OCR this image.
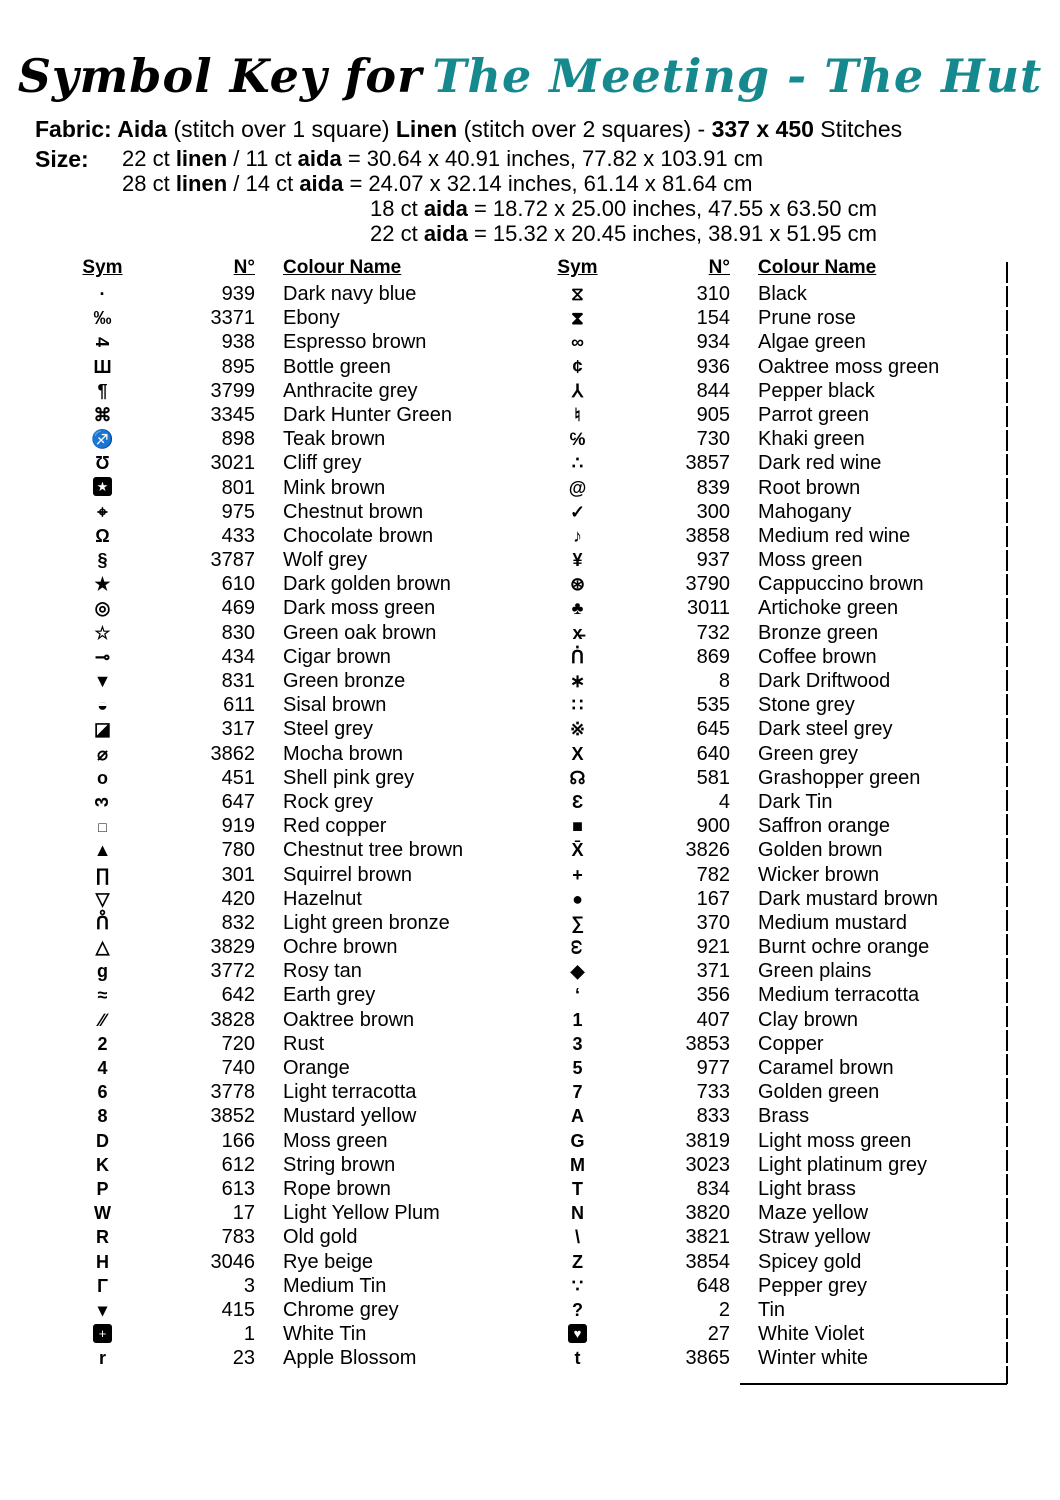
Symbol Key for The Meeting - The Hut
Fabric: Aida (stitch over 1 square) Linen (stitch over 2 squares) - 337 x 450 Stitches
Size: 22 ct linen / 11 ct aida = 30.64 x 40.91 inches, 77.82 x 103.91 cm
28 ct linen / 14 ct aida = 24.07 x 32.14 inches, 61.14 x 81.64 cm
18 ct aida = 18.72 x 25.00 inches, 47.55 x 63.50 cm
22 ct aida = 15.32 x 20.45 inches, 38.91 x 51.95 cm
Sym	N°	Colour Name
·	939	Dark navy blue
‰	3371	Ebony
4	938	Espresso brown
Ш	895	Bottle green
¶	3799	Anthracite grey
⌘	3345	Dark Hunter Green
♐	898	Teak brown
Ʊ	3021	Cliff grey
★	801	Mink brown
⌖	975	Chestnut brown
Ω	433	Chocolate brown
§	3787	Wolf grey
★	610	Dark golden brown
◎	469	Dark moss green
☆	830	Green oak brown
⊸	434	Cigar brown
▼	831	Green bronze
◒	611	Sisal brown
◪	317	Steel grey
⌀	3862	Mocha brown
o	451	Shell pink grey
3	647	Rock grey
□	919	Red copper
▲	780	Chestnut tree brown
∏	301	Squirrel brown
▽	420	Hazelnut
ᑍ	832	Light green bronze
△	3829	Ochre brown
g	3772	Rosy tan
≈	642	Earth grey
∕∕	3828	Oaktree brown
2	720	Rust
4	740	Orange
6	3778	Light terracotta
8	3852	Mustard yellow
D	166	Moss green
K	612	String brown
P	613	Rope brown
W	17	Light Yellow Plum
R	783	Old gold
H	3046	Rye beige
Γ	3	Medium Tin
▾	415	Chrome grey
+	1	White Tin
r	23	Apple Blossom
Sym	N°	Colour Name
⧖	310	Black
⧗	154	Prune rose
∞	934	Algae green
¢	936	Oaktree moss green
⅄	844	Pepper black
♮	905	Parrot green
℅	730	Khaki green
∴	3857	Dark red wine
@	839	Root brown
✓	300	Mahogany
♪	3858	Medium red wine
¥	937	Moss green
⊛	3790	Cappuccino brown
♣	3011	Artichoke green
x̵	732	Bronze green
ᑏ	869	Coffee brown
∗	8	Dark Driftwood
∷	535	Stone grey
※	645	Dark steel grey
X	640	Green grey
☊	581	Grashopper green
Ɛ	4	Dark Tin
■	900	Saffron orange
X̄	3826	Golden brown
+	782	Wicker brown
●	167	Dark mustard brown
∑	370	Medium mustard
ω	921	Burnt ochre orange
◆	371	Green plains
‘	356	Medium terracotta
1	407	Clay brown
3	3853	Copper
5	977	Caramel brown
7	733	Golden green
A	833	Brass
G	3819	Light moss green
M	3023	Light platinum grey
T	834	Light brass
N	3820	Maze yellow
\	3821	Straw yellow
Z	3854	Spicey gold
∵	648	Pepper grey
?	2	Tin
♥	27	White Violet
t	3865	Winter white
